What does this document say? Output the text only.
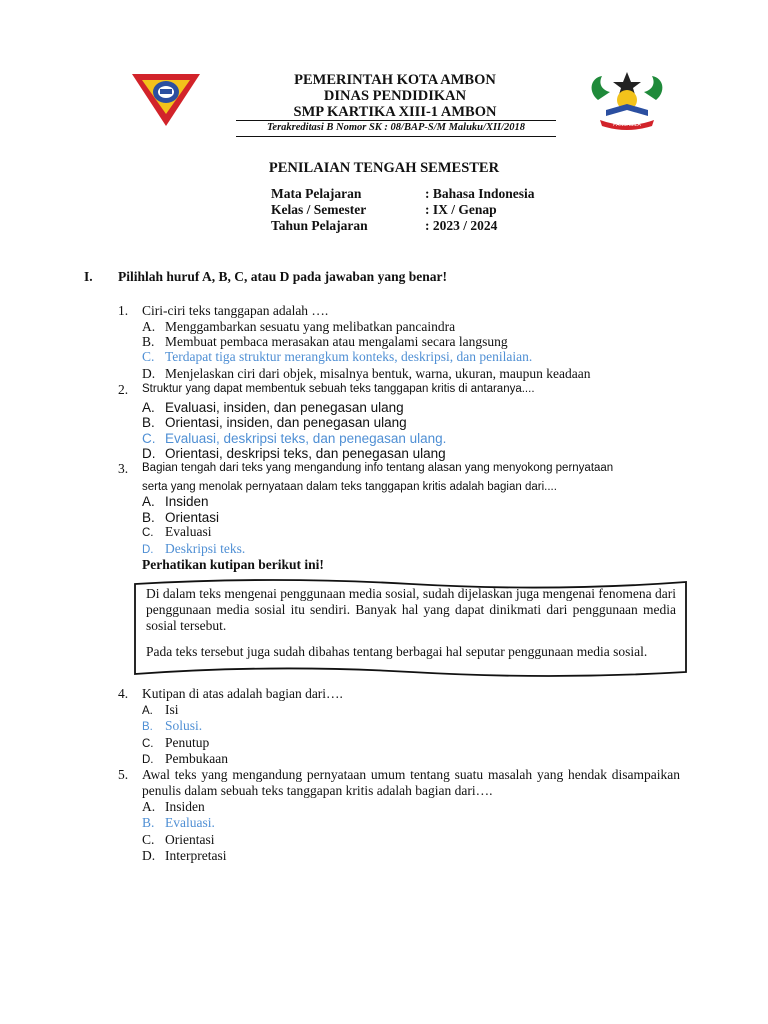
PANCASILA
PEMERINTAH KOTA AMBON
DINAS PENDIDIKAN
SMP KARTIKA XIII-1 AMBON
Terakreditasi B Nomor SK : 08/BAP-S/M Maluku/XII/2018
PENILAIAN TENGAH SEMESTER
Mata Pelajaran	: Bahasa Indonesia
Kelas / Semester	: IX / Genap
Tahun Pelajaran	: 2023 / 2024
I. Pilihlah huruf A, B, C, atau D pada jawaban yang benar!
1. Ciri-ciri teks tanggapan adalah ….
A. Menggambarkan sesuatu yang melibatkan pancaindra
B. Membuat pembaca merasakan atau mengalami secara langsung
C. Terdapat tiga struktur merangkum konteks, deskripsi, dan penilaian.
D. Menjelaskan ciri dari objek, misalnya bentuk, warna, ukuran, maupun keadaan
2. Struktur yang dapat membentuk sebuah teks tanggapan kritis di antaranya....
A. Evaluasi, insiden, dan penegasan ulang
B. Orientasi, insiden, dan penegasan ulang
C. Evaluasi, deskripsi teks, dan penegasan ulang.
D. Orientasi, deskripsi teks, dan penegasan ulang
3. Bagian tengah dari teks yang mengandung info tentang alasan yang menyokong pernyataan
serta yang menolak pernyataan dalam teks tanggapan kritis adalah bagian dari....
A. Insiden
B. Orientasi
C. Evaluasi
D. Deskripsi teks.
Perhatikan kutipan berikut ini!

Di dalam teks mengenai penggunaan media sosial, sudah dijelaskan juga mengenai fenomena dari penggunaan media sosial itu sendiri. Banyak hal yang dapat dinikmati dari penggunaan media sosial tersebut.

Pada teks tersebut juga sudah dibahas tentang berbagai hal seputar penggunaan media sosial.

4. Kutipan di atas adalah bagian dari….
A. Isi
B. Solusi.
C. Penutup
D. Pembukaan
5. Awal teks yang mengandung pernyataan umum tentang suatu masalah yang hendak disampaikan penulis dalam sebuah teks tanggapan kritis adalah bagian dari….
A. Insiden
B. Evaluasi.
C. Orientasi
D. Interpretasi
